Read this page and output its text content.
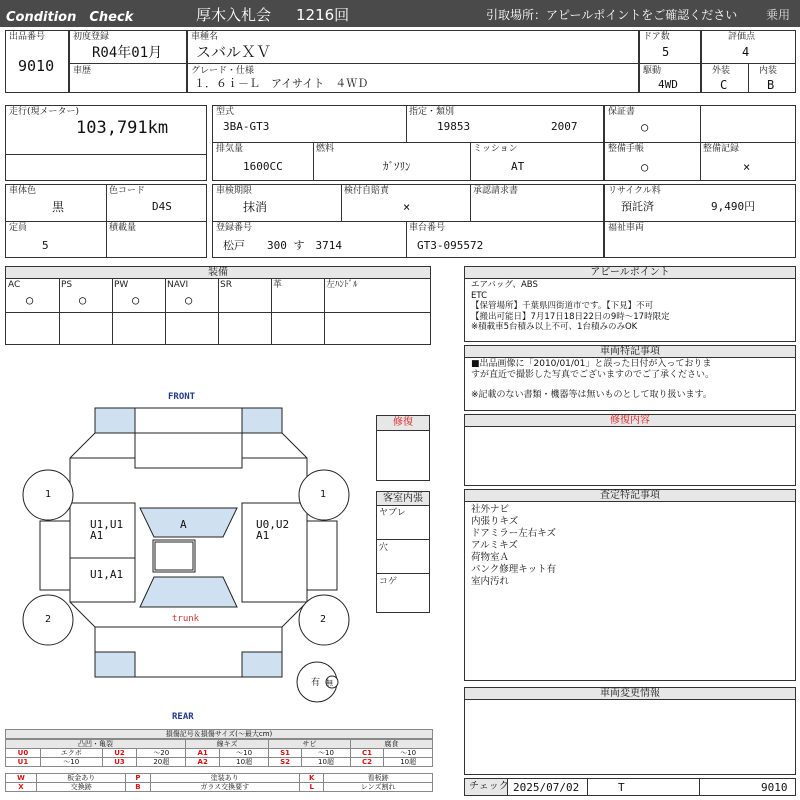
Condition　Check	厚木入札会 1216回	引取場所：アピールポイントをご確認ください 乗用
出品番号
9010
初度登録
R04年01月
車歴
車種名
スバルＸＶ
グレード・仕様
１．６ｉ－Ｌ　アイサイト　４ＷＤ
ドア数
5
評価点
4
駆動
4WD
外装
C
内装
B
走行(現メーター)
103,791km
型式
3BA-GT3
指定・類別
19853	2007
排気量
1600CC
燃料
ｶﾞｿﾘﾝ
ミッション
AT
保証書
○
整備手帳
○
整備記録
×
車体色
黒
色コード
D4S
定員
5
積載量
車検期限
抹消
検付自賠責
×
承認請求書
登録番号
松戸　　300 す　3714
車台番号
GT3-095572
リサイクル料
預託済	9,490円
福祉車両
装備
AC
○
PS
○
PW
○
NAVI
○
SR	革	左ﾊﾝﾄﾞﾙ
アピールポイント
エアバッグ、ABS
ETC
【保管場所】千葉県四街道市です。【下見】不可
【搬出可能日】7月17日18日22日の9時～17時限定
※積載車5台積み以上不可、1台積みのみOK
車両特記事項
■出品画像に「2010/01/01」と誤った日付が入っておりま
すが直近で撮影した写真でございますのでご了承ください。
※記載のない書類・機器等は無いものとして取り扱います。
修復内容
査定特記事項
社外ナビ
内張りキズ
ドアミラー左右キズ
アルミキズ
荷物室Ａ
パンク修理キット有
室内汚れ
車両変更情報
チェック 2025/07/02	T	9010
修復
客室内張
ヤブレ
穴
コゲ
FRONT
REAR
trunk
U1,U1
A1
A	U0,U2
A1
U1,A1
1	1
2	2
有 無
損傷記号＆損傷サイズ(～最大cm)
凸凹・亀裂				線キズ		サビ		腐食	
U0	エクボ	U2	～20	A1	～10	S1	～10	C1	～10
U1	～10	U3	20超	A2	10超	S2	10超	C2	10超
W	板金あり	P	塗装あり	K	看板跡
X	交換跡	B	ガラス交換要す	L	レンズ割れ
